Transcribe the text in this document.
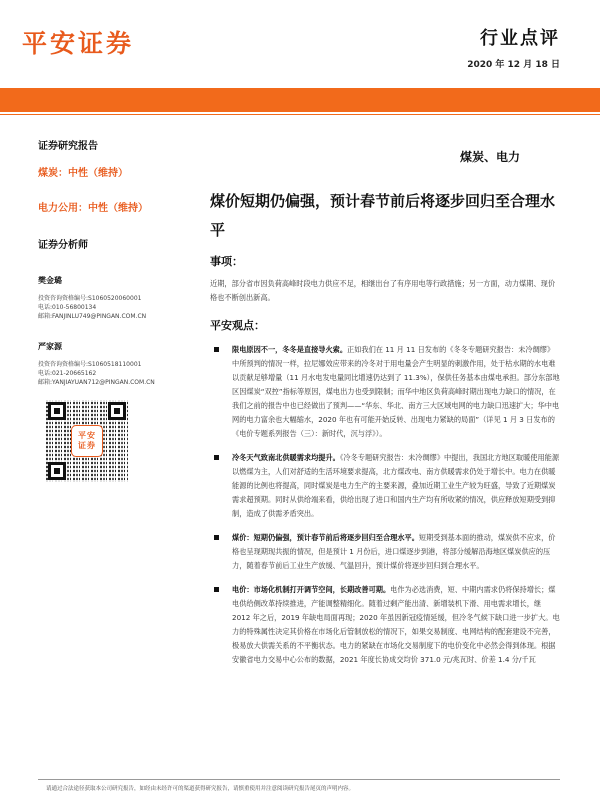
平安证券	行业点评
2020 年 12 月 18 日
证券研究报告
煤炭：中性（维持）
电力公用：中性（维持）
证券分析师
樊金璐
投资咨询资格编号:S1060520060001
电话:010-56800134
邮箱:FANJINLU749@PINGAN.COM.CN
严家源
投资咨询资格编号:S1060518110001
电话:021-20665162
邮箱:YANJIAYUAN712@PINGAN.COM.CN
平安
证券
煤炭、电力
煤价短期仍偏强，预计春节前后将逐步回归至合理水平
事项：
近期，部分省市因负荷高峰时段电力供应不足，相继出台了有序用电等行政措施；另一方面，动力煤期、现价格也不断创出新高。
平安观点：
限电原因不一，冬冬是直接导火索。正如我们在 11 月 11 日发布的《冬冬专题研究报告：未冷绸缪》中所预判的情况一样，拉尼娜效应带来的冷冬对于用电量会产生明显的刺激作用，处于枯水期的水电难以贡献足够增量（11 月水电发电量同比增速仍达到了 11.3%），保供任务基本由煤电承担。部分东部地区因煤炭“双控”指标等原因，煤电出力也受到限制；而华中地区负荷高峰时期出现电力缺口的情况，在我们之前的报告中也已经做出了预判——“华东、华北、南方三大区域电网的电力缺口迅速扩大；华中电网的电力富余也大幅缩水，2020 年也有可能开始反转、出现电力紧缺的局面”（详见 1 月 3 日发布的《电价专题系列报告（三）：新时代，沉与浮》）。
冷冬天气致南北供暖需求均提升。《冷冬专题研究报告：未冷绸缪》中提出，我国北方地区取暖使用能源以燃煤为主，人们对舒适的生活环境要求提高，北方煤改电、南方供暖需求仍处于增长中。电力在供暖能源的比例也将提高，同时煤炭是电力生产的主要来源，叠加近期工业生产较为旺盛，导致了近期煤炭需求超预期。同时从供给端来看，供给出现了进口和国内生产均有所收紧的情况，供应释放短期受到抑制，造成了供需矛盾突出。
煤价：短期仍偏强，预计春节前后将逐步回归至合理水平。短期受到基本面的推动，煤炭供不应求，价格也呈现期现共振的情况，但是预计 1 月份后，进口煤逐步到港，将部分缓解沿海地区煤炭供应的压力，随着春节前后工业生产放缓、气温回升，预计煤价将逐步回归到合理水平。
电价：市场化机制打开调节空间，长期改善可期。电作为必选消费，短、中期内需求仍将保持增长；煤电供给侧改革持续推进，产能调整精细化。随着过剩产能出清、新增装机下滑、用电需求增长，继 2012 年之后，2019 年缺电局面再现；2020 年虽因新冠疫情延缓，但冷冬气候下缺口进一步扩大。电力的特殊属性决定其价格在市场化后管制放松的情况下，如果交易制度、电网结构的配套建设不完善，极易放大供需关系的不平衡状态。电力的紧缺在市场化交易制度下的电价变化中必然会得到体现。根据安徽省电力交易中心公布的数据，2021 年度长协成交均价 371.0 元/兆瓦时、价差 1.4 分/千瓦
请通过合法途径获取本公司研究报告，如经由未经许可的渠道获得研究报告，请慎重使用并注意阅读研究报告尾页的声明内容。
